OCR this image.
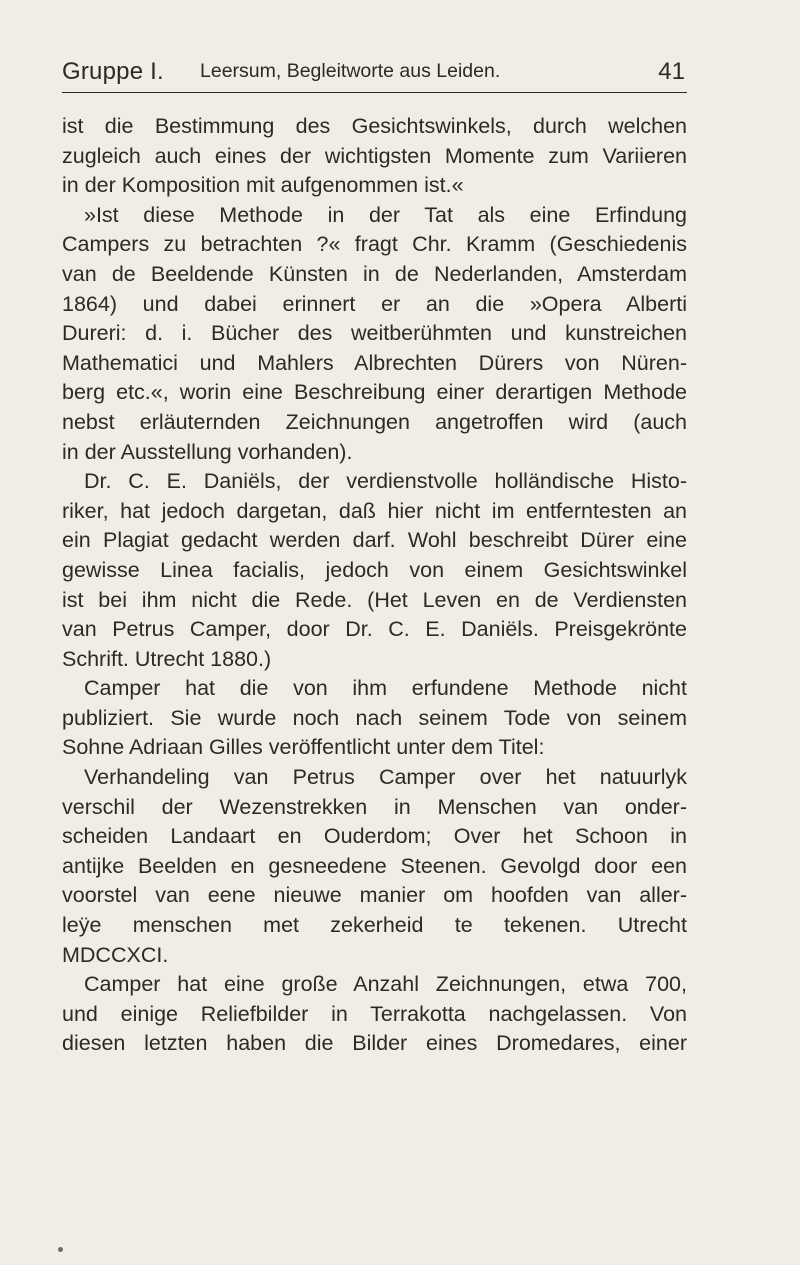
Gruppe I. Leersum, Begleitworte aus Leiden.	41
ist die Bestimmung des Gesichtswinkels, durch welchen
zugleich auch eines der wichtigsten Momente zum Variieren
in der Komposition mit aufgenommen ist.«
»Ist diese Methode in der Tat als eine Erfindung
Campers zu betrachten ?« fragt Chr. Kramm (Geschiedenis
van de Beeldende Künsten in de Nederlanden, Amsterdam
1864) und dabei erinnert er an die »Opera Alberti
Dureri: d. i. Bücher des weitberühmten und kunstreichen
Mathematici und Mahlers Albrechten Dürers von Nüren-
berg etc.«, worin eine Beschreibung einer derartigen Methode
nebst erläuternden Zeichnungen angetroffen wird (auch
in der Ausstellung vorhanden).
Dr. C. E. Daniëls, der verdienstvolle holländische Histo-
riker, hat jedoch dargetan, daß hier nicht im entferntesten an
ein Plagiat gedacht werden darf. Wohl beschreibt Dürer eine
gewisse Linea facialis, jedoch von einem Gesichtswinkel
ist bei ihm nicht die Rede. (Het Leven en de Verdiensten
van Petrus Camper, door Dr. C. E. Daniëls. Preisgekrönte
Schrift. Utrecht 1880.)
Camper hat die von ihm erfundene Methode nicht
publiziert. Sie wurde noch nach seinem Tode von seinem
Sohne Adriaan Gilles veröffentlicht unter dem Titel:
Verhandeling van Petrus Camper over het natuurlyk
verschil der Wezenstrekken in Menschen van onder-
scheiden Landaart en Ouderdom; Over het Schoon in
antijke Beelden en gesneedene Steenen. Gevolgd door een
voorstel van eene nieuwe manier om hoofden van aller-
leÿe menschen met zekerheid te tekenen. Utrecht
MDCCXCI.
Camper hat eine große Anzahl Zeichnungen, etwa 700,
und einige Reliefbilder in Terrakotta nachgelassen. Von
diesen letzten haben die Bilder eines Dromedares, einer
